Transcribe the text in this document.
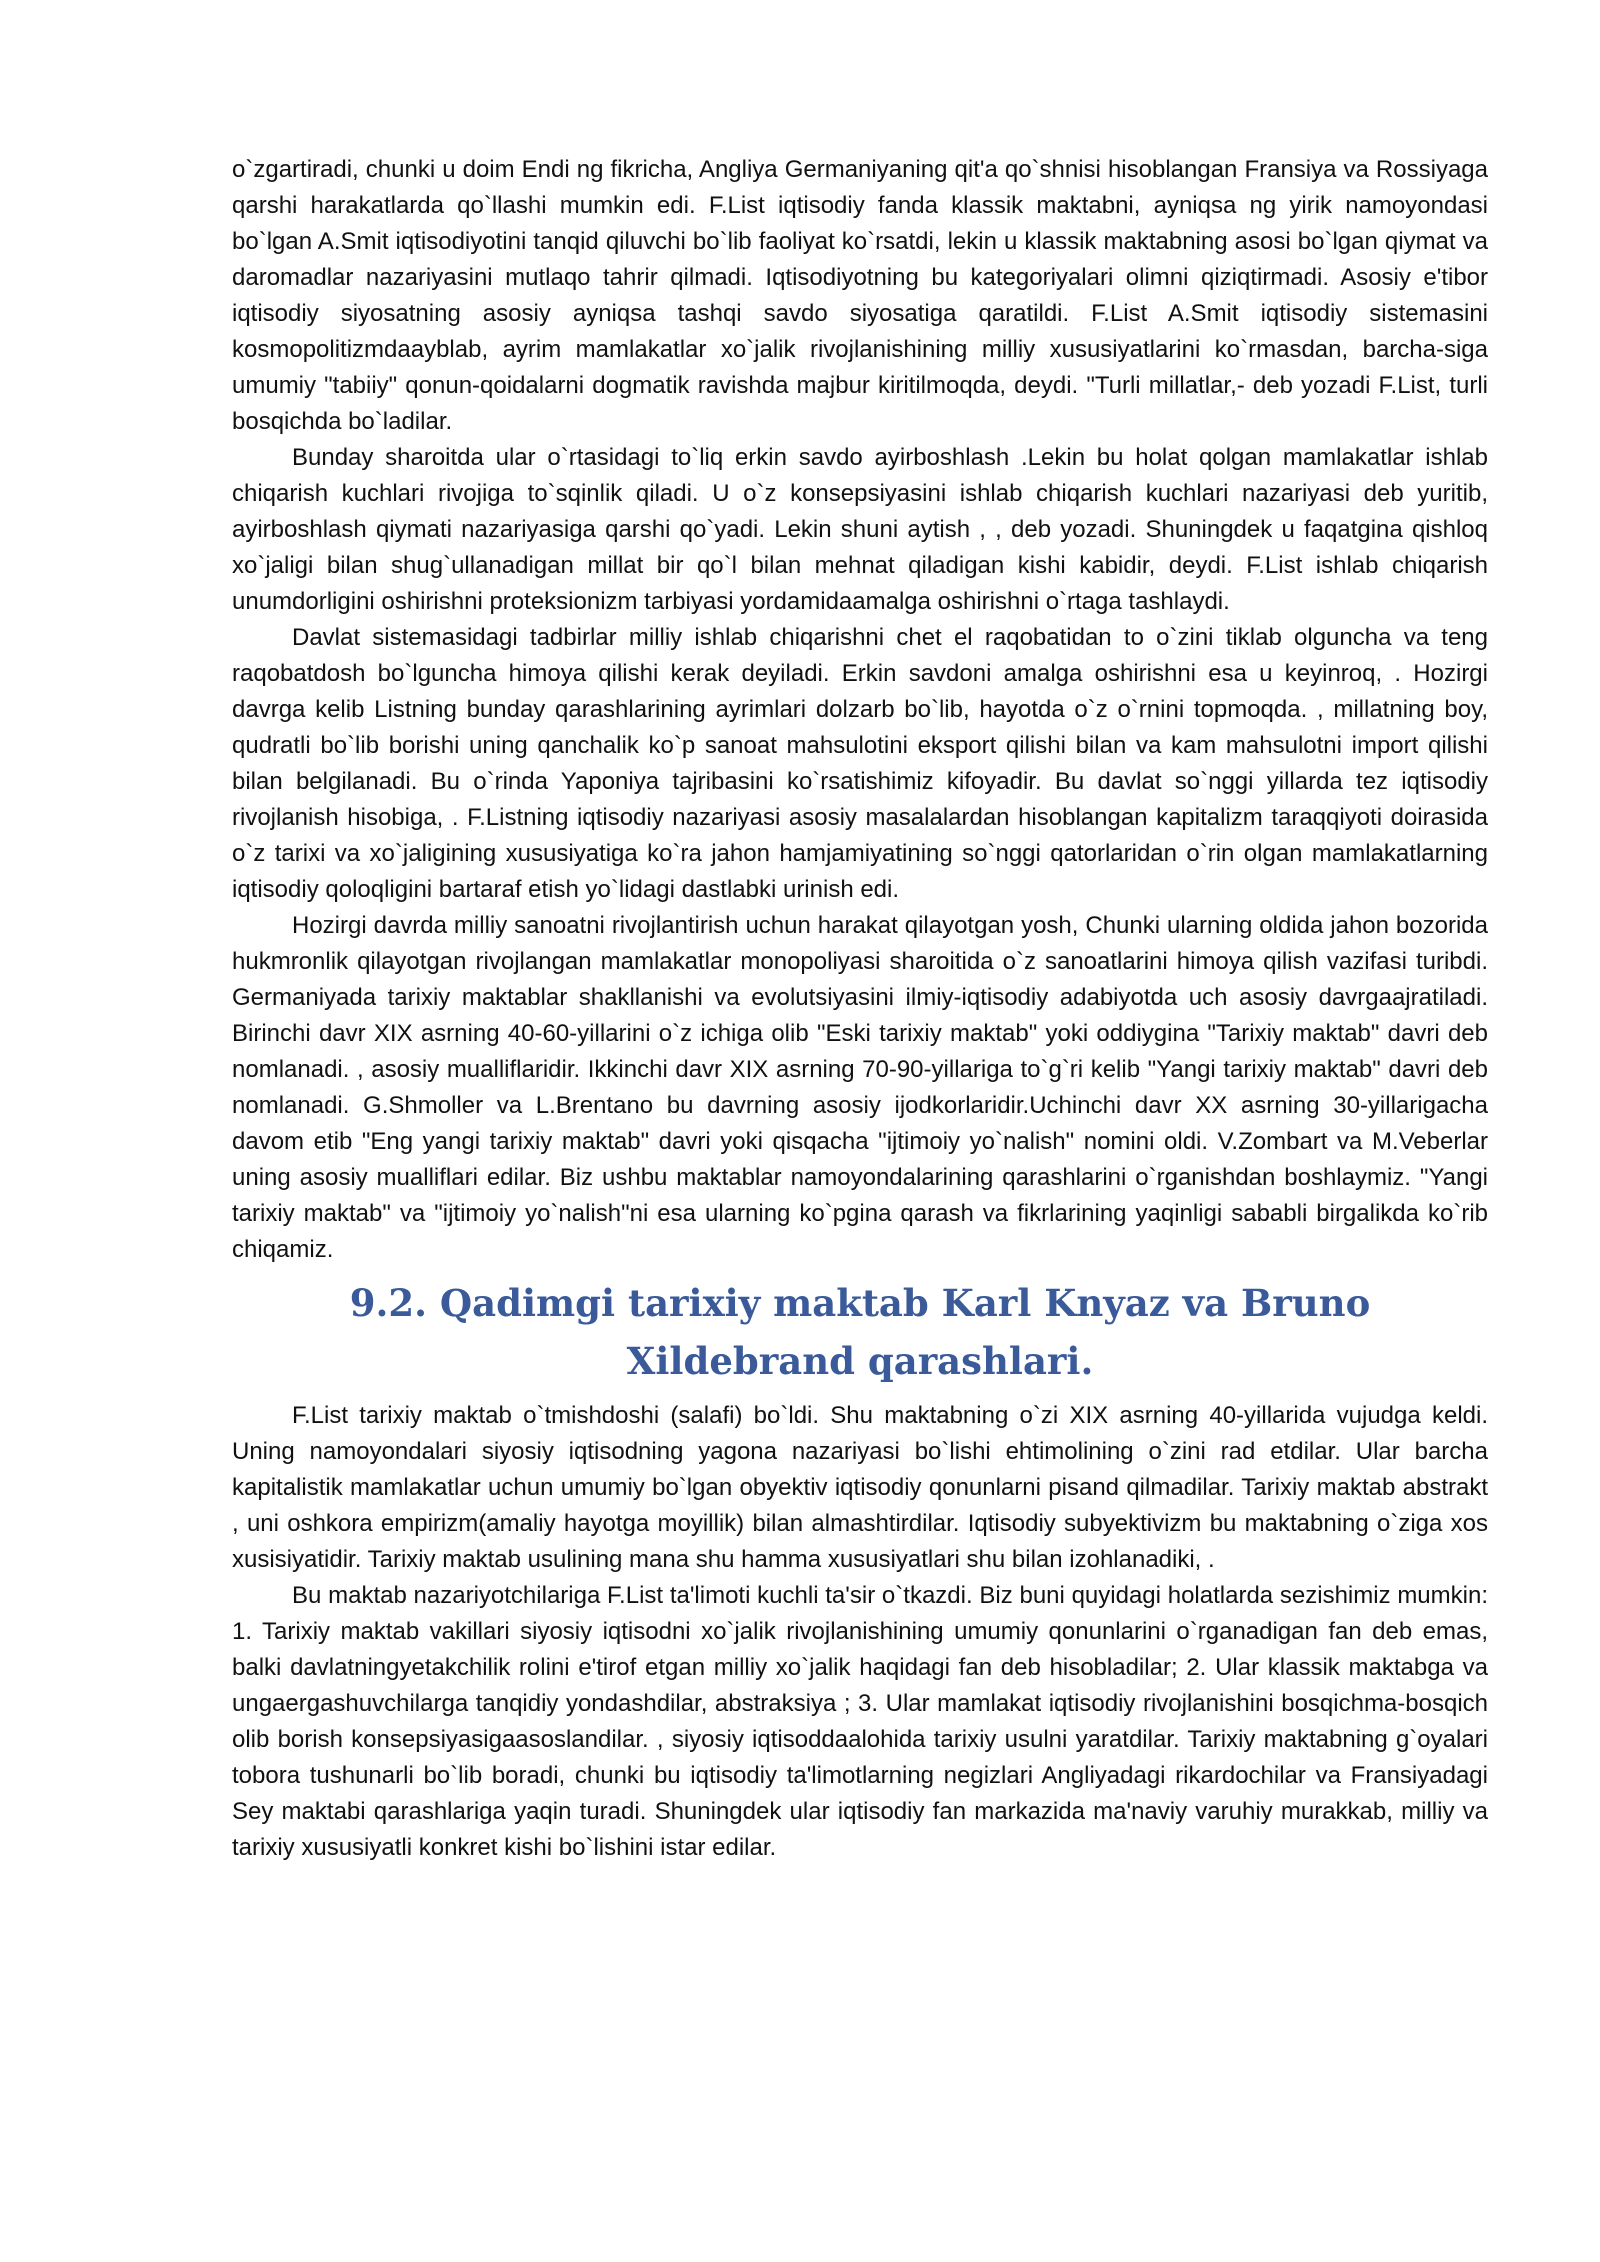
o`zgartiradi, chunki u doim Endi ng fikricha, Angliya Germaniyaning qit'a qo`shnisi hisoblangan Fransiya va Rossiyaga qarshi harakatlarda qo`llashi mumkin edi. F.List iqtisodiy fanda klassik maktabni, ayniqsa ng yirik namoyondasi bo`lgan A.Smit iqtisodiyotini tanqid qiluvchi bo`lib faoliyat ko`rsatdi, lekin u klassik maktabning asosi bo`lgan qiymat va daromadlar nazariyasini mutlaqo tahrir qilmadi. Iqtisodiyotning bu kategoriyalari olimni qiziqtirmadi. Asosiy e'tibor iqtisodiy siyosatning asosiy ayniqsa tashqi savdo siyosatiga qaratildi. F.List A.Smit iqtisodiy sistemasini kosmopolitizmdaayblab, ayrim mamlakatlar xo`jalik rivojlanishining milliy xususiyatlarini ko`rmasdan, barcha-siga umumiy "tabiiy" qonun-qoidalarni dogmatik ravishda majbur kiritilmoqda, deydi. "Turli millatlar,- deb yozadi F.List, turli bosqichda bo`ladilar.

Bunday sharoitda ular o`rtasidagi to`liq erkin savdo ayirboshlash .Lekin bu holat qolgan mamlakatlar ishlab chiqarish kuchlari rivojiga to`sqinlik qiladi. U o`z konsepsiyasini ishlab chiqarish kuchlari nazariyasi deb yuritib, ayirboshlash qiymati nazariyasiga qarshi qo`yadi. Lekin shuni aytish , , deb yozadi. Shuningdek u faqatgina qishloq xo`jaligi bilan shug`ullanadigan millat bir qo`l bilan mehnat qiladigan kishi kabidir, deydi. F.List ishlab chiqarish unumdorligini oshirishni proteksionizm tarbiyasi yordamidaamalga oshirishni o`rtaga tashlaydi.

Davlat sistemasidagi tadbirlar milliy ishlab chiqarishni chet el raqobatidan to o`zini tiklab olguncha va teng raqobatdosh bo`lguncha himoya qilishi kerak deyiladi. Erkin savdoni amalga oshirishni esa u keyinroq, . Hozirgi davrga kelib Listning bunday qarashlarining ayrimlari dolzarb bo`lib, hayotda o`z o`rnini topmoqda. , millatning boy, qudratli bo`lib borishi uning qanchalik ko`p sanoat mahsulotini eksport qilishi bilan va kam mahsulotni import qilishi bilan belgilanadi. Bu o`rinda Yaponiya tajribasini ko`rsatishimiz kifoyadir. Bu davlat so`nggi yillarda tez iqtisodiy rivojlanish hisobiga, . F.Listning iqtisodiy nazariyasi asosiy masalalardan hisoblangan kapitalizm taraqqiyoti doirasida o`z tarixi va xo`jaligining xususiyatiga ko`ra jahon hamjamiyatining so`nggi qatorlaridan o`rin olgan mamlakatlarning iqtisodiy qoloqligini bartaraf etish yo`lidagi dastlabki urinish edi.

Hozirgi davrda milliy sanoatni rivojlantirish uchun harakat qilayotgan yosh, Chunki ularning oldida jahon bozorida hukmronlik qilayotgan rivojlangan mamlakatlar monopoliyasi sharoitida o`z sanoatlarini himoya qilish vazifasi turibdi. Germaniyada tarixiy maktablar shakllanishi va evolutsiyasini ilmiy-iqtisodiy adabiyotda uch asosiy davrgaajratiladi. Birinchi davr XIX asrning 40-60-yillarini o`z ichiga olib "Eski tarixiy maktab" yoki oddiygina "Tarixiy maktab" davri deb nomlanadi. , asosiy mualliflaridir. Ikkinchi davr XIX asrning 70-90-yillariga to`g`ri kelib "Yangi tarixiy maktab" davri deb nomlanadi. G.Shmoller va L.Brentano bu davrning asosiy ijodkorlaridir.Uchinchi davr XX asrning 30-yillarigacha davom etib "Eng yangi tarixiy maktab" davri yoki qisqacha "ijtimoiy yo`nalish" nomini oldi. V.Zombart va M.Veberlar uning asosiy mualliflari edilar. Biz ushbu maktablar namoyondalarining qarashlarini o`rganishdan boshlaymiz. "Yangi tarixiy maktab" va "ijtimoiy yo`nalish"ni esa ularning ko`pgina qarash va fikrlarining yaqinligi sababli birgalikda ko`rib chiqamiz.

9.2. Qadimgi tarixiy maktab Karl Knyaz va Bruno Xildebrand qarashlari.

F.List tarixiy maktab o`tmishdoshi (salafi) bo`ldi. Shu maktabning o`zi XIX asrning 40-yillarida vujudga keldi. Uning namoyondalari siyosiy iqtisodning yagona nazariyasi bo`lishi ehtimolining o`zini rad etdilar. Ular barcha kapitalistik mamlakatlar uchun umumiy bo`lgan obyektiv iqtisodiy qonunlarni pisand qilmadilar. Tarixiy maktab abstrakt , uni oshkora empirizm(amaliy hayotga moyillik) bilan almashtirdilar. Iqtisodiy subyektivizm bu maktabning o`ziga xos xusisiyatidir. Tarixiy maktab usulining mana shu hamma xususiyatlari shu bilan izohlanadiki, .

Bu maktab nazariyotchilariga F.List ta'limoti kuchli ta'sir o`tkazdi. Biz buni quyidagi holatlarda sezishimiz mumkin: 1. Tarixiy maktab vakillari siyosiy iqtisodni xo`jalik rivojlanishining umumiy qonunlarini o`rganadigan fan deb emas, balki davlatningyetakchilik rolini e'tirof etgan milliy xo`jalik haqidagi fan deb hisobladilar; 2. Ular klassik maktabga va ungaergashuvchilarga tanqidiy yondashdilar, abstraksiya ; 3. Ular mamlakat iqtisodiy rivojlanishini bosqichma-bosqich olib borish konsepsiyasigaasoslandilar. , siyosiy iqtisoddaalohida tarixiy usulni yaratdilar. Tarixiy maktabning g`oyalari tobora tushunarli bo`lib boradi, chunki bu iqtisodiy ta'limotlarning negizlari Angliyadagi rikardochilar va Fransiyadagi Sey maktabi qarashlariga yaqin turadi. Shuningdek ular iqtisodiy fan markazida ma'naviy varuhiy murakkab, milliy va tarixiy xususiyatli konkret kishi bo`lishini istar edilar.
